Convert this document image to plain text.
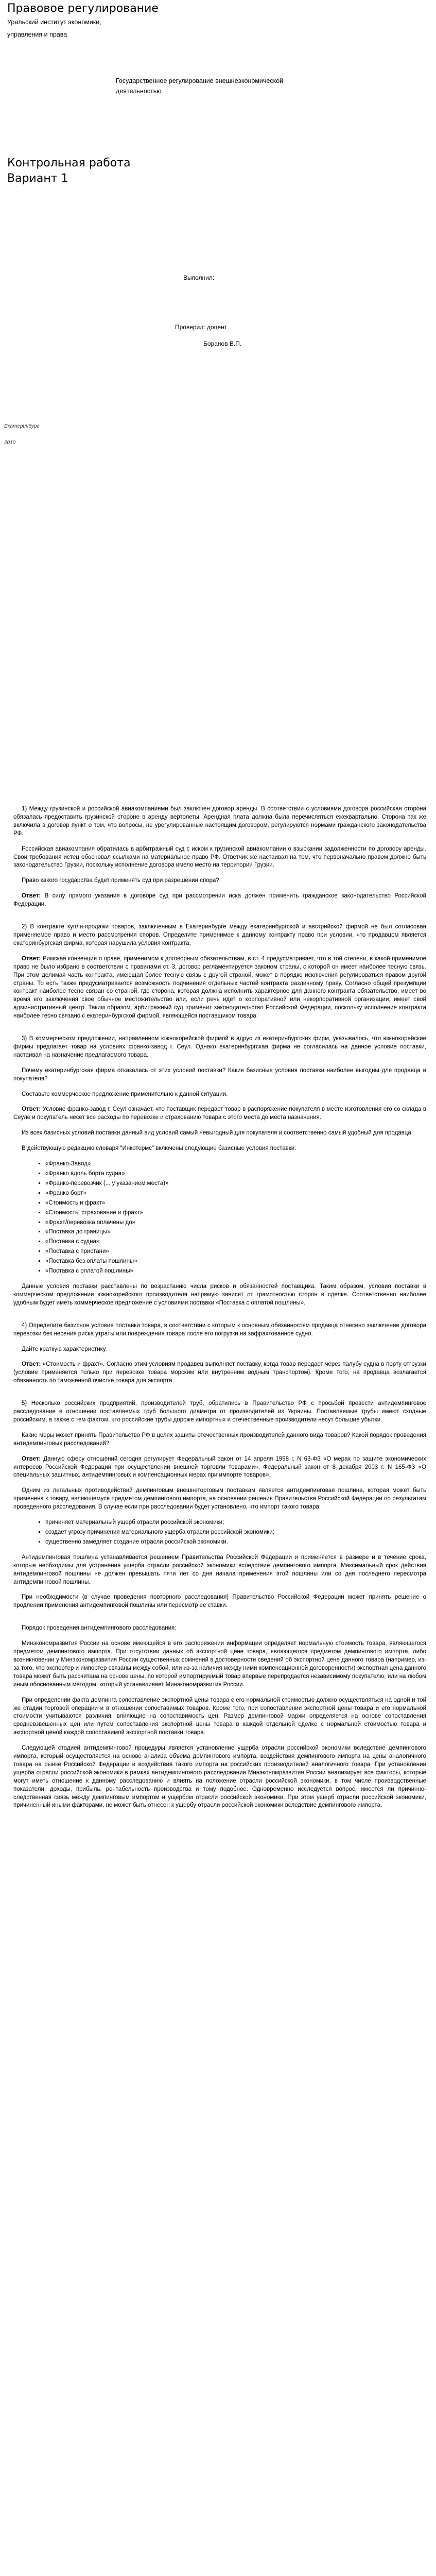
Правовое регулирование
Уральский институт экономики,
управления и права
Государственное регулирование внешнеэкономической
деятельностью
Контрольная работа
Вариант 1
Выполнил:
Проверил: доцент
Боранов В.П.
Екатеринбург
2010

1) Между грузинской и российской авиакомпаниями был заключен договор аренды. В соответствии с условиями договора российская сторона обязалась предоставить грузинской стороне в аренду вертолеты. Арендная плата должна была перечисляться ежеквартально. Сторона так же включила в договор пункт о том, что вопросы, не урегулированные настоящим договором, регулируются нормами гражданского законодательства РФ.

Российская авиакомпания обратилась в арбитражный суд с иском к грузинской авиакомпании о взыскании задолженности по договору аренды. Свои требования истец обосновал ссылками на материальное право РФ. Ответчик же настаивал на том, что первоначально правом должно быть законодательство Грузии, поскольку исполнение договора имело место на территории Грузии.

Право какого государства будет применять суд при разрешении спора?

Ответ: В силу прямого указания в договоре суд при рассмотрении иска должен применить гражданское законодательство Российской Федерации.

2) В контракте купли-продажи товаров, заключенным в Екатеринбурге между екатеринбургской и австрийской фирмой не был согласован применяемое право и место рассмотрения споров. Определите применимое к данному контракту право при условии, что продавцом является екатеринбургская фирма, которая нарушила условия контракта.

Ответ: Римская конвенция о праве, применимом к договорным обязательствам, в ст. 4 предусматривает, что в той степени, в какой применимое право не было избрано в соответствии с правилами ст. 3, договор регламентируется законом страны, с которой он имеет наиболее тесную связь. При этом делимая часть контракта, имеющая более тесную связь с другой страной, может в порядке исключения регулироваться правом другой страны. То есть также предусматривается возможность подчинения отдельных частей контракта различному праву. Согласно общей презумпции контракт наиболее тесно связан со страной, где сторона, которая должна исполнить характерное для данного контракта обязательство, имеет во время его заключения свое обычное местожительство или, если речь идет о корпоративной или некорпоративной организации, имеет свой административный центр. Таким образом, арбитражный суд применит законодательство Российской Федерации, поскольку исполнение контракта наиболее тесно связано с екатеринбургской фирмой, являющейся поставщиком товара.

3) В коммерческом предложении, направленном южнокорейской фирмой в адрус из екатеринбургских фирм, указывалось, что южнокорейские фирмы предлагает товар на условиях франко-завод г. Сеул. Однако екатеринбургская фирма не согласилась на данное условие поставки, настаивая на назначение предлагаемого товара.

Почему екатеринбургская фирма отказалась от этих условий поставки? Какие базисные условия поставки наиболее выгодны для продавца и покупателя?

Составьте коммерческое предложение применительно к данной ситуации.

Ответ: Условие франко-завод г. Сеул означает, что поставщик передает товар в распоряжение покупателя в месте изготовления его со склада в Сеуле и покупатель несет все расходы по перевозке и страхованию товара с этого места до места назначения.

Из всех базисных условий поставки данный вид условий самый невыгодный для покупателя и соответственно самый удобный для продавца.

В действующую редакцию словаря "Инкотермс" включены следующие базисные условия поставки:

▪ «Франко-Завод»
▪ «Франко вдоль борта судна»
▪ «Франко-перевозчик (... у указанием места)»
▪ «Франко борт»
▪ «Стоимость и фрахт»
▪ «Стоимость, страхование и фрахт»
▪ «Фрахт/перевозка оплачены до»
▪ «Поставка до границы»
▪ «Поставка с судна»
▪ «Поставка с пристани»
▪ «Поставка без оплаты пошлины»
▪ «Поставка с оплатой пошлины»

Данные условия поставки расставлены по возрастанию числа рисков и обязанностей поставщика. Таким образом, условия поставки в коммерческом предложении южнокорейского производителя напрямую зависят от грамотностью сторон в сделке. Соответственно наиболее удобным будет иметь коммерческое предложение с условиями поставки «Поставка с оплатой пошлины».

4) Определите базисное условие поставки товара, в соответствии с которым к основным обязанностям продавца отнесено заключение договора перевозки без несения риска утраты или повреждения товара после его погрузки на зафрахтованное судно.

Дайте краткую характеристику.

Ответ: «Стоимость и фрахт». Согласно этим условиям продавец выполняет поставку, когда товар передает через палубу судна в порту отгрузки (условие применяется только при перевозке товара морским или внутренним водным транспортом). Кроме того, на продавца возлагается обязанность по таможенной очистке товара для экспорта.

5) Несколько российских предприятий, производителей труб, обратились в Правительство РФ с просьбой провести антидемпинговое расследование в отношении поставляемых труб большого диаметра от производителей из Украины. Поставляемые трубы имеют сходные российским, а также с тем фактом, что российские трубы дороже импортных и отечественные производители несут большие убытки.

Какие меры может принять Правительство РФ в целях защиты отечественных производителей данного вида товаров? Какой порядок проведения антидемпинговых расследований?

Ответ: Данную сферу отношений сегодня регулирует Федеральный закон от 14 апреля 1998 г. N 63-ФЗ «О мерах по защите экономических интересов Российской Федерации при осуществлении внешней торговли товарами», Федеральный закон от 8 декабря 2003 г. N 165-ФЗ «О специальных защитных, антидемпинговых и компенсационных мерах при импорте товаров».

Одним из легальных противодействий демпинговым внешнеторговым поставкам является антидемпинговая пошлина, которая может быть применена к товару, являющемуся предметом демпингового импорта, на основании решения Правительства Российской Федерации по результатам проведенного расследования. В случае если при расследовании будет установлено, что импорт такого товара:

▪ причиняет материальный ущерб отрасли российской экономики;
▪ создает угрозу причинения материального ущерба отрасли российской экономики;
▪ существенно замедляет создание отрасли российской экономики.

Антидемпинговая пошлина устанавливается решением Правительства Российской Федерации и применяется в размере и в течение срока, которые необходимы для устранения ущерба отрасли российской экономики вследствие демпингового импорта. Максимальный срок действия антидемпинговой пошлины не должен превышать пяти лет со дня начала применения этой пошлины или со дня последнего пересмотра антидемпинговой пошлины.

При необходимости (в случае проведения повторного расследования) Правительство Российской Федерации может принять решение о продлении применения антидемпинговой пошлины или пересмотр ее ставки.

Порядок проведения антидемпингового расследования:

Минэкономразвития России на основе имеющейся в его распоряжении информации определяет нормальную стоимость товара, являющегося предметом демпингового импорта. При отсутствии данных об экспортной цене товара, являющегося предметом демпингового импорта, либо возникновении у Минэкономразвития России существенных сомнений в достоверности сведений об экспортной цене данного товара (например, из-за того, что экспортер и импортер связаны между собой, или из-за наличия между ними компенсационной договоренности) экспортная цена данного товара может быть рассчитана на основе цены, по которой импортируемый товар впервые перепродается независимому покупателю, или на любом иным обоснованным методом, который устанавливает Минэкономразвития России.

При определении факта демпинга сопоставление экспортной цены товара с его нормальной стоимостью должно осуществляться на одной и той же стадии торговой операции и в отношении сопоставимых товаров. Кроме того, при сопоставлении экспортной цены товара и его нормальной стоимости учитываются различия, влияющие на сопоставимость цен. Размер демпинговой маржи определяется на основе сопоставления средневзвешенных цен или путем сопоставления экспортной цены товара в каждой отдельной сделке с нормальной стоимостью товара и экспортной ценой каждой сопоставимой экспортной поставки товара.

Следующей стадией антидемпинговой процедуры является установление ущерба отрасли российской экономики вследствие демпингового импорта, который осуществляется на основе анализа объема демпингового импорта, воздействия демпингового импорта на цены аналогичного товара на рынке Российской Федерации и воздействия такого импорта на российских производителей аналогичного товара. При установлении ущерба отрасли российской экономики в рамках антидемпингового расследования Минэкономразвития России анализирует все факторы, которые могут иметь отношение к данному расследованию и влиять на положение отрасли российской экономики, в том числе производственные показатели, доходы, прибыль, рентабельность производства и тому подобное. Одновременно исследуется вопрос, имеется ли причинно-следственная связь между демпинговым импортом и ущербом отрасли российской экономики. При этом ущерб отрасли российской экономики, причиненный иными факторами, не может быть отнесен к ущербу отрасли российской экономики вследствие демпингового импорта.
